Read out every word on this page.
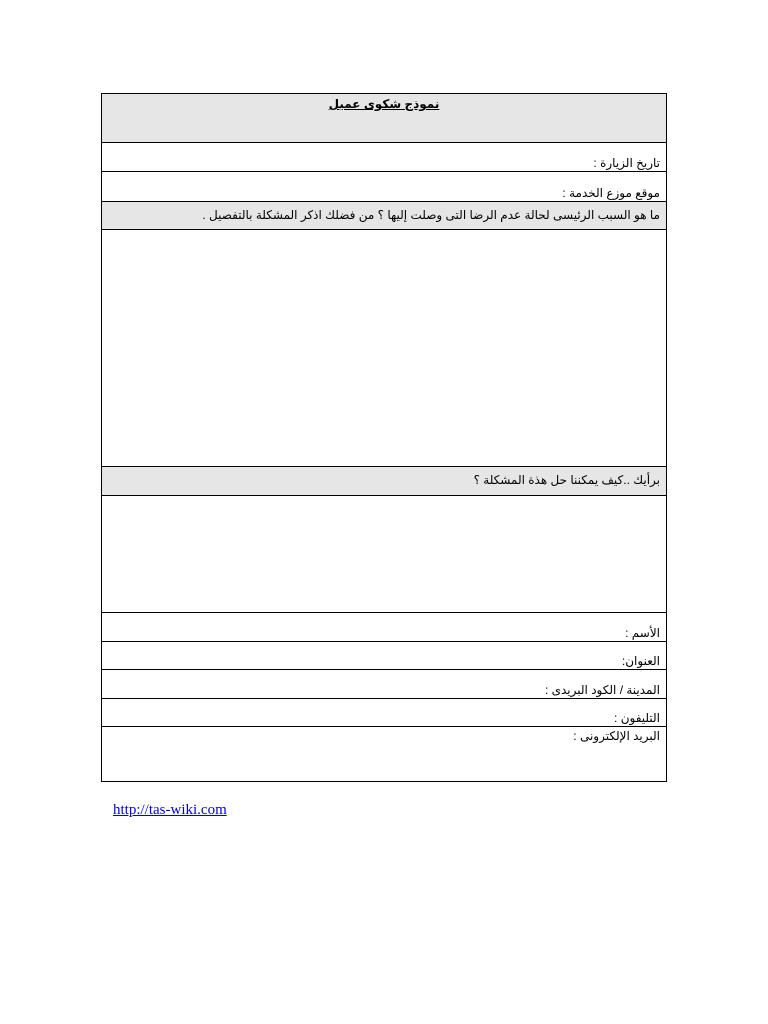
نموذج شكوى عميل
تاريخ الزيارة :
موقع موزع الخدمة :
ما هو السبب الرئيسى لحالة عدم الرضا التى وصلت إليها ؟ من فضلك اذكر المشكلة بالتفصيل .
برأيك ..كيف يمكننا حل هذة المشكلة ؟
الأسم :
العنوان:
المدينة / الكود البريدى :
التليفون :
البريد الإلكترونى :
http://tas-wiki.com
